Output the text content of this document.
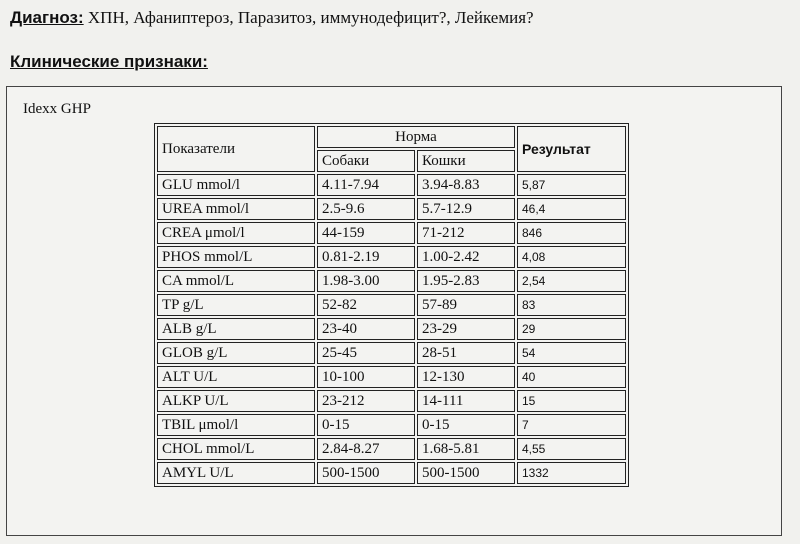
Диагноз: ХПН, Афаниптероз, Паразитоз, иммунодефицит?, Лейкемия?
Клинические признаки:
Idexx GHP
Показатели	Норма		Результат
	Собаки	Кошки	
GLU mmol/l	4.11-7.94	3.94-8.83	5,87
UREA mmol/l	2.5-9.6	5.7-12.9	46,4
CREA μmol/l	44-159	71-212	846
PHOS mmol/L	0.81-2.19	1.00-2.42	4,08
CA mmol/L	1.98-3.00	1.95-2.83	2,54
TP g/L	52-82	57-89	83
ALB g/L	23-40	23-29	29
GLOB g/L	25-45	28-51	54
ALT U/L	10-100	12-130	40
ALKP U/L	23-212	14-111	15
TBIL μmol/l	0-15	0-15	7
CHOL mmol/L	2.84-8.27	1.68-5.81	4,55
AMYL U/L	500-1500	500-1500	1332
